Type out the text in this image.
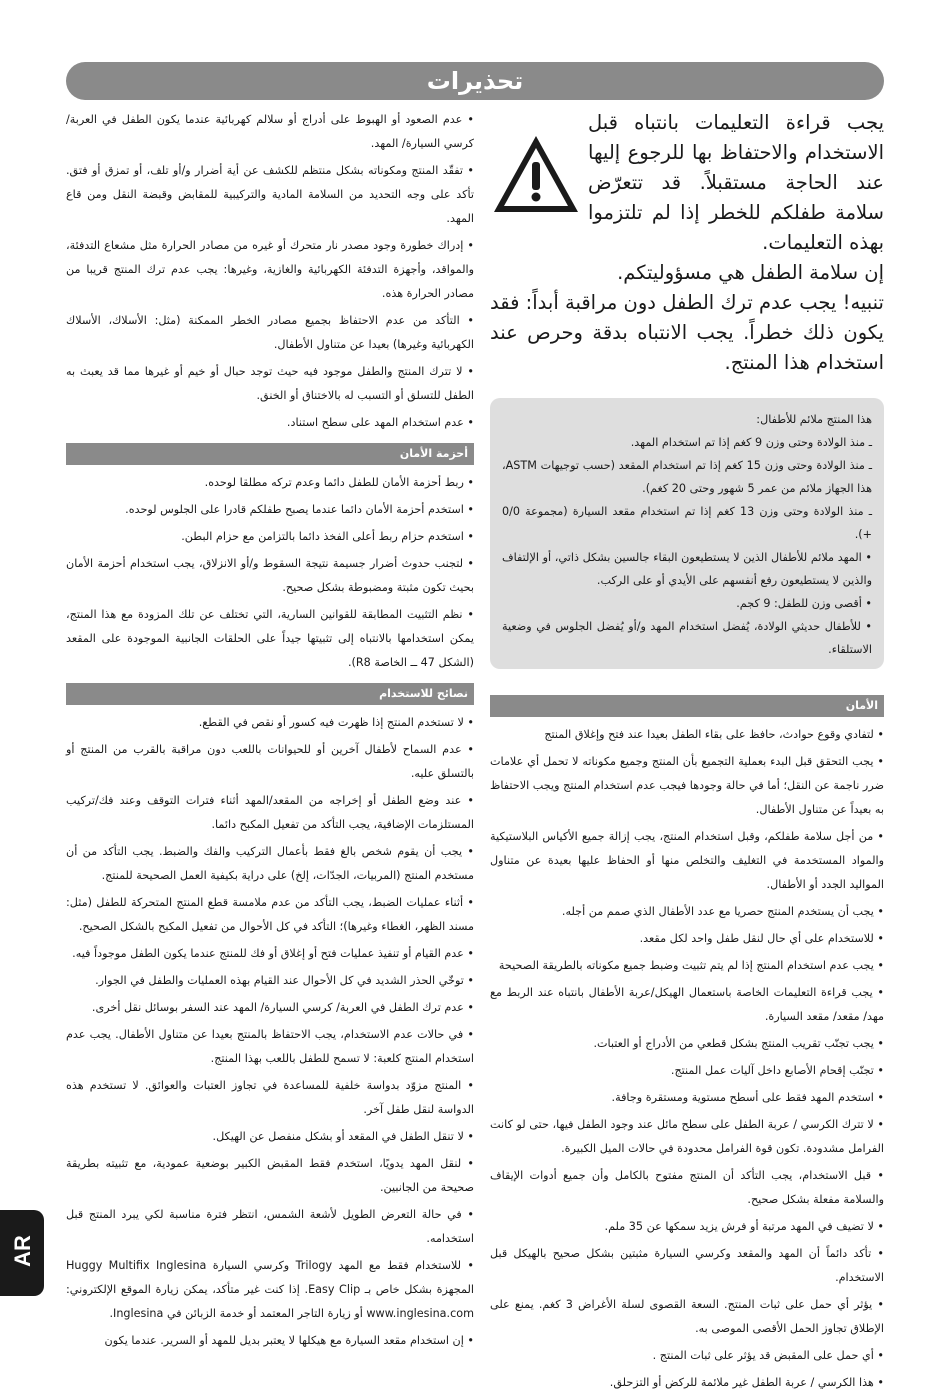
تحذيرات

• عدم الصعود أو الهبوط على أدراج أو سلالم كهربائية عندما يكون الطفل في العربة/كرسي السيارة/ المهد.

• تفقّد المنتج ومكوناته بشكل منتظم للكشف عن أية أضرار و/أو تلف، أو تمزق أو فتق. تأكد على وجه التحديد من السلامة المادية والتركيبية للمقابض وقبضة النقل ومن قاع المهد.

• إدراك خطورة وجود مصدر نار متحرك أو غيره من مصادر الحرارة مثل مشعاع التدفئة، والمواقد، وأجهزة التدفئة الكهربائية والغازية، وغيرها: يجب عدم ترك المنتج قريبا من مصادر الحرارة هذه.

• التأكد من عدم الاحتفاظ بجميع مصادر الخطر الممكنة (مثل: الأسلاك، الأسلاك الكهربائية وغيرها) بعيدا عن متناول الأطفال.

• لا تترك المنتج والطفل موجود فيه حيث توجد حبال أو خيم أو غيرها مما قد يعبث به الطفل للتسلق أو التسبب له بالاختناق أو الخنق.

• عدم استخدام المهد على سطح استناد.

أحزمة الأمان

• ربط أحزمة الأمان للطفل دائما وعدم تركه مطلقا لوحده.

• استخدم أحزمة الأمان دائما عندما يصبح طفلكم قادرا على الجلوس لوحده.

• استخدم حزام ربط أعلى الفخذ دائما بالتزامن مع حزام البطن.

• لتجنب حدوث أضرار جسيمة نتيجة السقوط و/أو الانزلاق، يجب استخدام أحزمة الأمان بحيث تكون مثبتة ومضبوطة بشكل صحيح.

• نظم التثبيت المطابقة للقوانين السارية، التي تختلف عن تلك المزودة مع هذا المنتج، يمكن استخدامها بالانتباه إلى تثبيتها جيداً على الحلقات الجانبية الموجودة على المقعد (الشكل 47 ــ الخاصة R8).

نصائح للاستخدام

• لا تستخدم المنتج إذا ظهرت فيه كسور أو نقص في القطع.

• عدم السماح لأطفال آخرين أو للحيوانات باللعب دون مراقبة بالقرب من المنتج أو بالتسلق عليه.

• عند وضع الطفل أو إخراجه من المقعد/المهد أثناء فترات التوقف وعند فك/تركيب المستلزمات الإضافية، يجب التأكد من تفعيل المكبح دائما.

• يجب أن يقوم شخص بالغ فقط بأعمال التركيب والفك والضبط. يجب التأكد من أن مستخدم المنتج (المربيات، الجدّات، إلخ) على دراية بكيفية العمل الصحيحة للمنتج.

• أثناء عمليات الضبط، يجب التأكد من عدم ملامسة قطع المنتج المتحركة للطفل (مثل: مسند الظهر، الغطاء وغيرها)؛ التأكد في كل الأحوال من تفعيل المكبح بالشكل الصحيح.

• عدم القيام أو تنفيذ عمليات فتح أو إغلاق أو فك للمنتج عندما يكون الطفل موجوداً فيه.

• توخّي الحذر الشديد في كل الأحوال عند القيام بهذه العمليات والطفل في الجوار.

• عدم ترك الطفل في العربة/ كرسي السيارة/ المهد عند السفر بوسائل نقل أخرى.

• في حالات عدم الاستخدام، يجب الاحتفاظ بالمنتج بعيدا عن متناول الأطفال. يجب عدم استخدام المنتج كلعبة: لا تسمح للطفل باللعب بهذا المنتج.

• المنتج مزوّد بدواسة خلفية للمساعدة في تجاوز العتبات والعوائق. لا تستخدم هذه الدواسة لنقل طفل آخر.

• لا تنقل الطفل في المقعد أو بشكل منفصل عن الهيكل.

• لنقل المهد يدويًا، استخدم فقط المقبض الكبير بوضعية عمودية، مع تثبيته بطريقة صحيحة من الجانبين.

• في حالة التعرض الطويل لأشعة الشمس، انتظر فترة مناسبة لكي يبرد المنتج قبل استخدامه.

• للاستخدام فقط مع المهد Trilogy وكرسي السيارة Huggy Multifix Inglesina المجهزة بشكل خاص بـ Easy Clip. إذا كنت غير متأكد، يمكن زيارة الموقع الإلكتروني: www.inglesina.com أو زيارة التاجر المعتمد أو خدمة الزبائن في Inglesina.

• إن استخدام مقعد السيارة مع هيكلها لا يعتبر بديل للمهد أو السرير. عندما يكون

يجب قراءة التعليمات بانتباه قبل الاستخدام والاحتفاظ بها للرجوع إليها عند الحاجة مستقبلاً. قد تتعرّض سلامة طفلكم للخطر إذا لم تلتزموا بهذه التعليمات.

إن سلامة الطفل هي مسؤوليتكم.

تنبيه! يجب عدم ترك الطفل دون مراقبة أبداً: فقد يكون ذلك خطراً. يجب الانتباه بدقة وحرص عند استخدام هذا المنتج.

هذا المنتج ملائم للأطفال:

ـ منذ الولادة وحتى وزن 9 كغم إذا تم استخدام المهد.

ـ منذ الولادة وحتى وزن 15 كغم إذا تم استخدام المقعد (حسب توجيهات ASTM، هذا الجهاز ملائم من عمر 5 شهور وحتى 20 كغم).

ـ منذ الولادة وحتى وزن 13 كغم إذا تم استخدام مقعد السيارة (مجموعة 0/0 +).

• المهد ملائم للأطفال الذين لا يستطيعون البقاء جالسين بشكل ذاتي، أو الإلتفاف والذين لا يستطيعون رفع أنفسهم على الأيدي أو على الركب.

• أقصى وزن للطفل: 9 كجم.

• للأطفال حديثي الولادة، يُفضل استخدام المهد و/أو يُفضل الجلوس في وضعية الاستلقاء.

الأمان

• لتفادي وقوع حوادث، حافظ على بقاء الطفل بعيدا عند فتح وإغلاق المنتج

• يجب التحقق قبل البدء بعملية التجميع بأن المنتج وجميع مكوناته لا تحمل أي علامات ضرر ناجمة عن النقل؛ أما في حالة وجودها فيجب عدم استخدام المنتج ويجب الاحتفاظ به بعيداً عن متناول الأطفال.

• من أجل سلامة طفلكم، وقبل استخدام المنتج، يجب إزالة جميع الأكياس البلاستيكية والمواد المستخدمة في التغليف والتخلص منها أو الحفاظ عليها بعيدة عن متناول المواليد الجدد أو الأطفال.

• يجب أن يستخدم المنتج حصريا مع عدد الأطفال الذي صمم من أجله.

• للاستخدام على أي حال لنقل طفل واحد لكل مقعد.

• يجب عدم استخدام المنتج إذا لم يتم تثبيت وضبط جميع مكوناته بالطريقة الصحيحة

• يجب قراءة التعليمات الخاصة باستعمال الهيكل/عربة الأطفال بانتباه عند الربط مع مهد/ مقعد/ مقعد السيارة.

• يجب تجنّب تقريب المنتج بشكل قطعي من الأدراج أو العتبات.

• تجنّب إقحام الأصابع داخل آليات عمل المنتج.

• استخدم المهد فقط على أسطح مستوية ومستقرة وجافة.

• لا تترك الكرسي / عربة الطفل على سطح مائل عند وجود الطفل فيها، حتى لو كانت الفرامل مشدودة. تكون قوة الفرامل محدودة في حالات الميل الكبيرة.

• قبل الاستخدام، يجب التأكد أن المنتج مفتوح بالكامل وأن جميع أدوات الإيقاف والسلامة مفعلة بشكل صحيح.

• لا تضيف في المهد مرتبة أو فرش يزيد سمكها عن 35 ملم.

• تأكد دائماً أن المهد والمقعد وكرسي السيارة مثبتين بشكل صحيح بالهيكل قبل الاستخدام.

• يؤثر أي حمل على ثبات المنتج. السعة القصوى لسلة الأغراض 3 كغم. يمنع على الإطلاق تجاوز الحمل الأقصى الموصى به.

• أي حمل على المقبض قد يؤثر على ثبات المنتج .

• هذا الكرسي / عربة الطفل غير ملائمة للركض أو التزحلق.

AR
